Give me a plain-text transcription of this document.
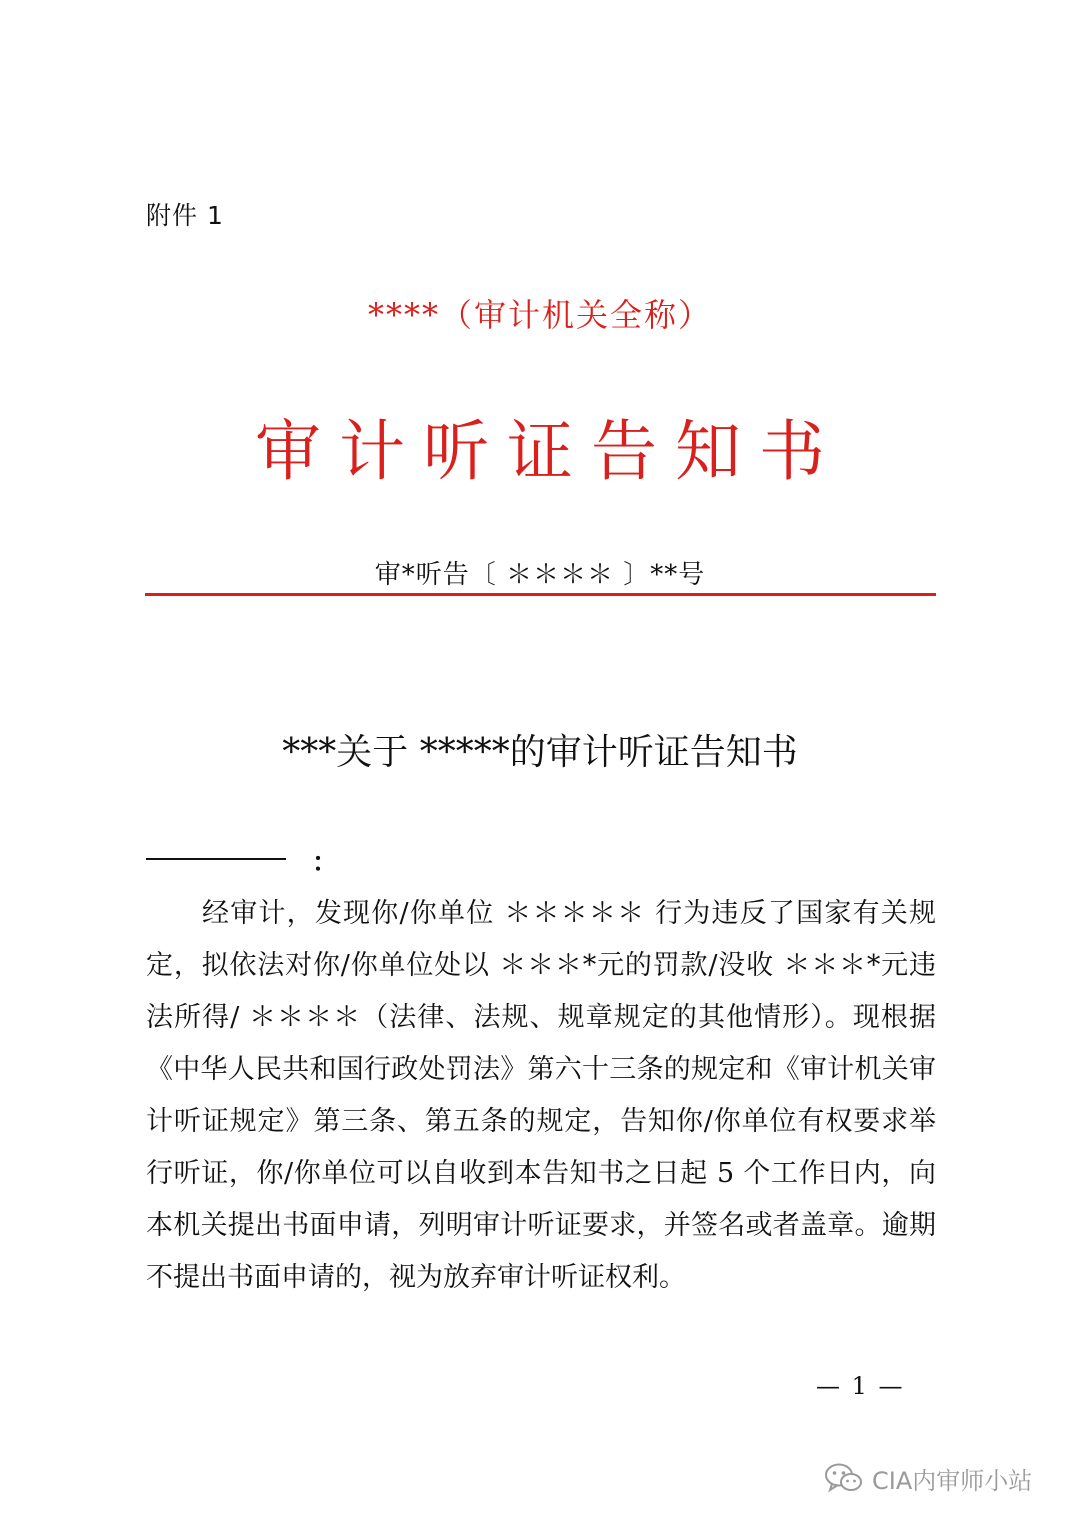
附件 1
****（审计机关全称）
审计听证告知书
审*听告〔 ＊＊＊＊ 〕**号
***关于 *****的审计听证告知书
：

经审计，发现你/你单位 ＊＊＊＊＊ 行为违反了国家有关规定，拟依法对你/你单位处以 ＊＊＊*元的罚款/没收 ＊＊＊*元违法所得/ ＊＊＊＊（法律、法规、规章规定的其他情形）。现根据《中华人民共和国行政处罚法》第六十三条的规定和《审计机关审计听证规定》第三条、第五条的规定，告知你/你单位有权要求举行听证，你/你单位可以自收到本告知书之日起 5 个工作日内，向本机关提出书面申请，列明审计听证要求，并签名或者盖章。逾期不提出书面申请的，视为放弃审计听证权利。

— 1 —
CIA内审师小站
